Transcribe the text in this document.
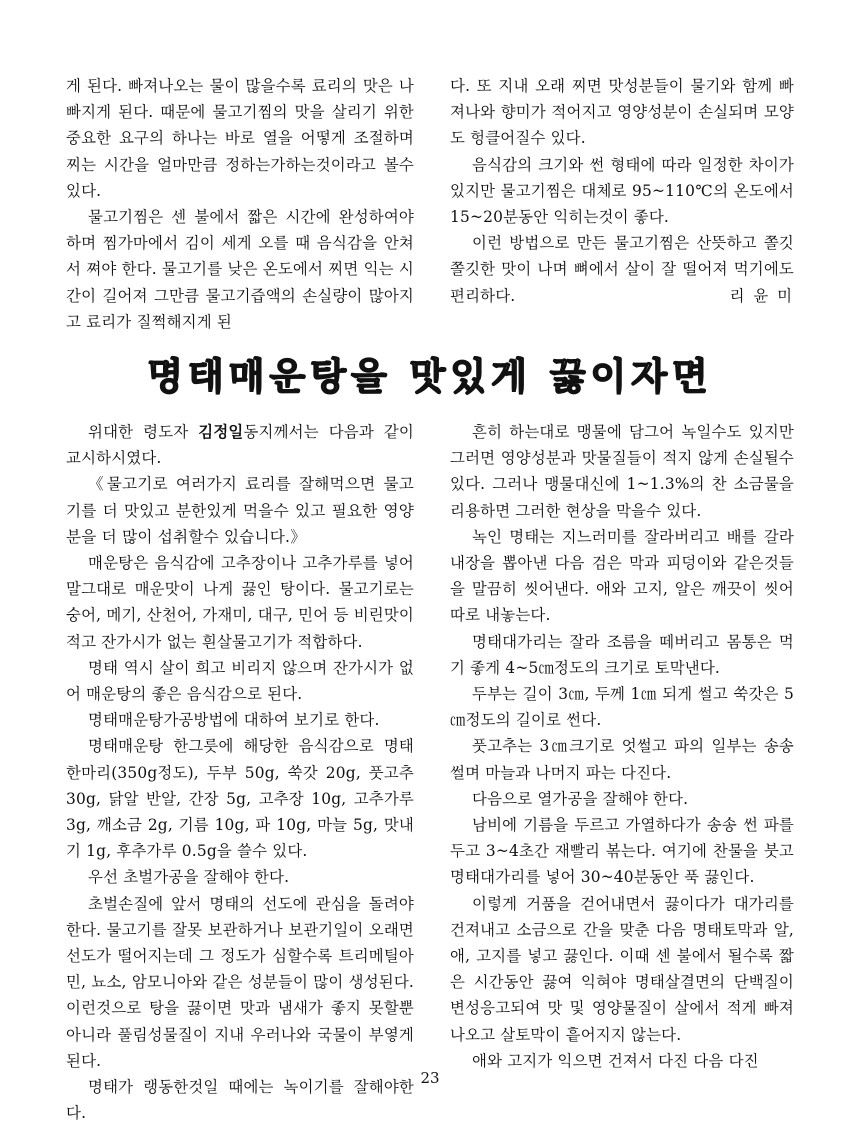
게 된다. 빠져나오는 물이 많을수록 료리의 맛은 나빠지게 된다. 때문에 물고기찜의 맛을 살리기 위한 중요한 요구의 하나는 바로 열을 어떻게 조절하며 찌는 시간을 얼마만큼 정하는가하는것이라고 볼수 있다.

물고기찜은 센 불에서 짧은 시간에 완성하여야 하며 찜가마에서 김이 세게 오를 때 음식감을 안쳐서 쪄야 한다. 물고기를 낮은 온도에서 찌면 익는 시간이 길어져 그만큼 물고기즙액의 손실량이 많아지고 료리가 질쩍해지게 된

다. 또 지내 오래 찌면 맛성분들이 물기와 함께 빠져나와 향미가 적어지고 영양성분이 손실되며 모양도 헝클어질수 있다.

음식감의 크기와 썬 형태에 따라 일정한 차이가 있지만 물고기찜은 대체로 95~110℃의 온도에서 15~20분동안 익히는것이 좋다.

이런 방법으로 만든 물고기찜은 산뜻하고 쫄깃쫄깃한 맛이 나며 뼈에서 살이 잘 떨어져 먹기에도 편리하다.	리 윤 미
명태매운탕을 맛있게 끓이자면

위대한 령도자 김정일동지께서는 다음과 같이 교시하시였다.

《물고기로 여러가지 료리를 잘해먹으면 물고기를 더 맛있고 분한있게 먹을수 있고 필요한 영양분을 더 많이 섭취할수 있습니다.》

매운탕은 음식감에 고추장이나 고추가루를 넣어 말그대로 매운맛이 나게 끓인 탕이다. 물고기로는 숭어, 메기, 산천어, 가재미, 대구, 민어 등 비린맛이 적고 잔가시가 없는 흰살물고기가 적합하다.

명태 역시 살이 희고 비리지 않으며 잔가시가 없어 매운탕의 좋은 음식감으로 된다.

명태매운탕가공방법에 대하여 보기로 한다.

명태매운탕 한그릇에 해당한 음식감으로 명태 한마리(350g정도), 두부 50g, 쑥갓 20g, 풋고추 30g, 닭알 반알, 간장 5g, 고추장 10g, 고추가루 3g, 깨소금 2g, 기름 10g, 파 10g, 마늘 5g, 맛내기 1g, 후추가루 0.5g을 쓸수 있다.

우선 초벌가공을 잘해야 한다.

초벌손질에 앞서 명태의 선도에 관심을 돌려야 한다. 물고기를 잘못 보관하거나 보관기일이 오래면 선도가 떨어지는데 그 정도가 심할수록 트리메틸아민, 뇨소, 암모니아와 같은 성분들이 많이 생성된다. 이런것으로 탕을 끓이면 맛과 냄새가 좋지 못할뿐 아니라 풀림성물질이 지내 우러나와 국물이 부옇게 된다.

명태가 랭동한것일 때에는 녹이기를 잘해야한다.

흔히 하는대로 맹물에 담그어 녹일수도 있지만 그러면 영양성분과 맛물질들이 적지 않게 손실될수 있다. 그러나 맹물대신에 1~1.3%의 찬 소금물을 리용하면 그러한 현상을 막을수 있다.

녹인 명태는 지느러미를 잘라버리고 배를 갈라 내장을 뽑아낸 다음 검은 막과 피덩이와 같은것들을 말끔히 씻어낸다. 애와 고지, 알은 깨끗이 씻어 따로 내놓는다.

명태대가리는 잘라 조름을 떼버리고 몸통은 먹기 좋게 4~5㎝정도의 크기로 토막낸다.

두부는 길이 3㎝, 두께 1㎝ 되게 썰고 쑥갓은 5㎝정도의 길이로 썬다.

풋고추는 3㎝크기로 엇썰고 파의 일부는 송송 썰며 마늘과 나머지 파는 다진다.

다음으로 열가공을 잘해야 한다.

남비에 기름을 두르고 가열하다가 송송 썬 파를 두고 3~4초간 재빨리 볶는다. 여기에 찬물을 붓고 명태대가리를 넣어 30~40분동안 푹 끓인다.

이렇게 거품을 걷어내면서 끓이다가 대가리를 건져내고 소금으로 간을 맞춘 다음 명태토막과 알, 애, 고지를 넣고 끓인다. 이때 센 불에서 될수록 짧은 시간동안 끓여 익혀야 명태살결면의 단백질이 변성응고되여 맛 및 영양물질이 살에서 적게 빠져나오고 살토막이 흩어지지 않는다.

애와 고지가 익으면 건져서 다진 다음 다진

23
